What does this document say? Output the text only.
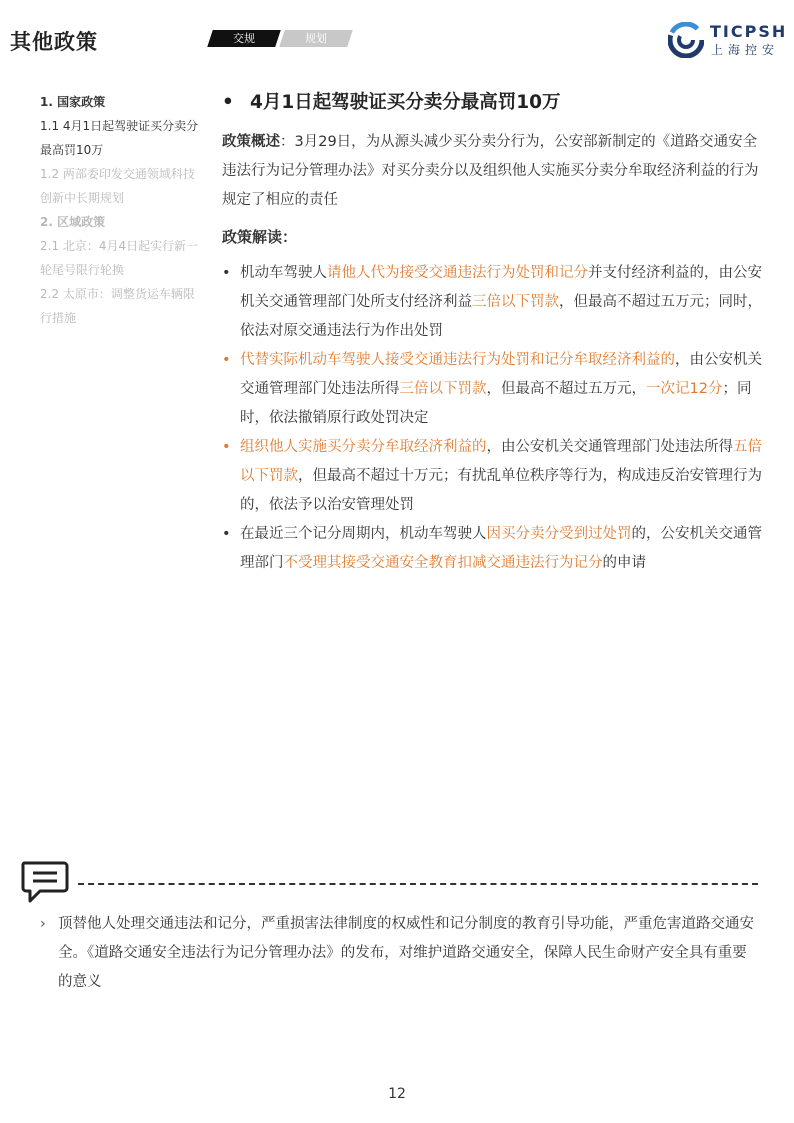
其他政策	交规	规划	TICPSH
上海控安
1. 国家政策
1.1 4月1日起驾驶证买分卖分最高罚10万
1.2 两部委印发交通领域科技创新中长期规划
2. 区域政策
2.1 北京：4月4日起实行新一轮尾号限行轮换
2.2 太原市：调整货运车辆限行措施
• 4月1日起驾驶证买分卖分最高罚10万
政策概述：3月29日，为从源头减少买分卖分行为，公安部新制定的《道路交通安全违法行为记分管理办法》对买分卖分以及组织他人实施买分卖分牟取经济利益的行为规定了相应的责任
政策解读：
• 机动车驾驶人请他人代为接受交通违法行为处罚和记分并支付经济利益的，由公安机关交通管理部门处所支付经济利益三倍以下罚款，但最高不超过五万元；同时，依法对原交通违法行为作出处罚
• 代替实际机动车驾驶人接受交通违法行为处罚和记分牟取经济利益的，由公安机关交通管理部门处违法所得三倍以下罚款，但最高不超过五万元，一次记12分；同时，依法撤销原行政处罚决定
• 组织他人实施买分卖分牟取经济利益的，由公安机关交通管理部门处违法所得五倍以下罚款，但最高不超过十万元；有扰乱单位秩序等行为，构成违反治安管理行为的，依法予以治安管理处罚
• 在最近三个记分周期内，机动车驾驶人因买分卖分受到过处罚的，公安机关交通管理部门不受理其接受交通安全教育扣减交通违法行为记分的申请
› 顶替他人处理交通违法和记分，严重损害法律制度的权威性和记分制度的教育引导功能，严重危害道路交通安全。《道路交通安全违法行为记分管理办法》的发布，对维护道路交通安全，保障人民生命财产安全具有重要的意义
12
